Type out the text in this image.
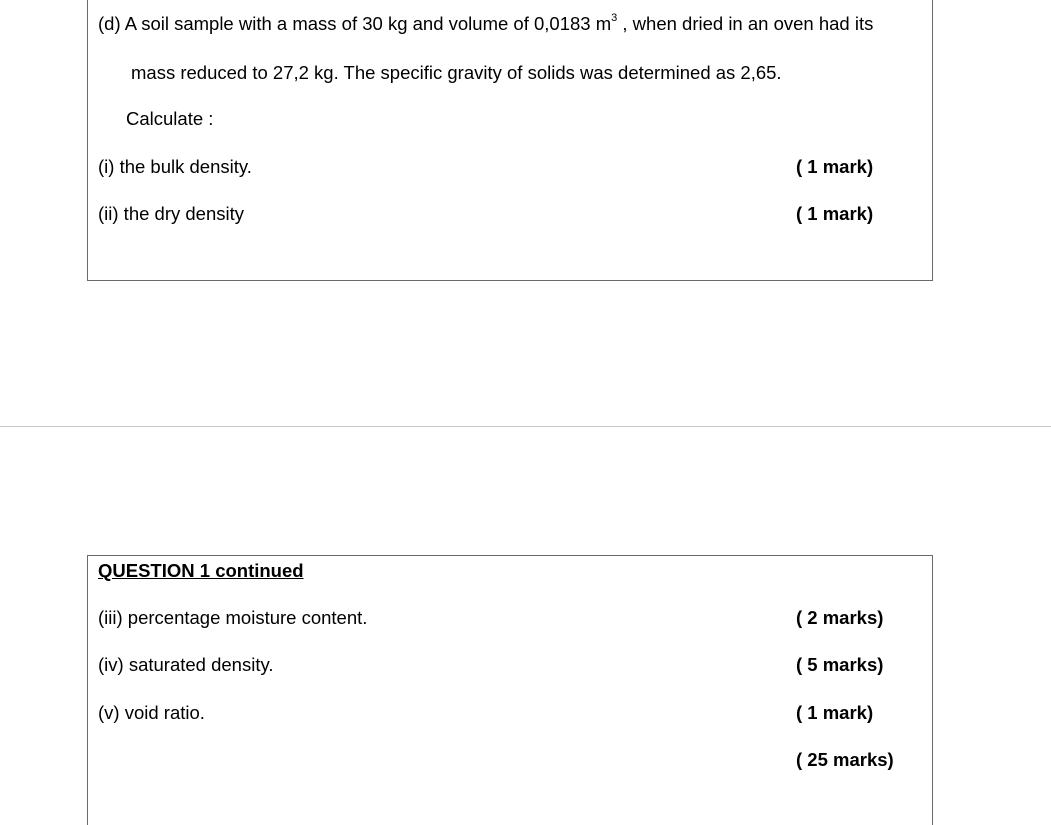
(d) A soil sample with a mass of 30 kg and volume of 0,0183 $m^3$ , when dried in an oven had its
mass reduced to 27,2 kg. The specific gravity of solids was determined as 2,65.
Calculate :
(i) the bulk density.	( 1 mark)
(ii) the dry density	( 1 mark)
QUESTION 1 continued
(iii) percentage moisture content.	( 2 marks)
(iv) saturated density.	( 5 marks)
(v) void ratio.	( 1 mark)
( 25 marks)
